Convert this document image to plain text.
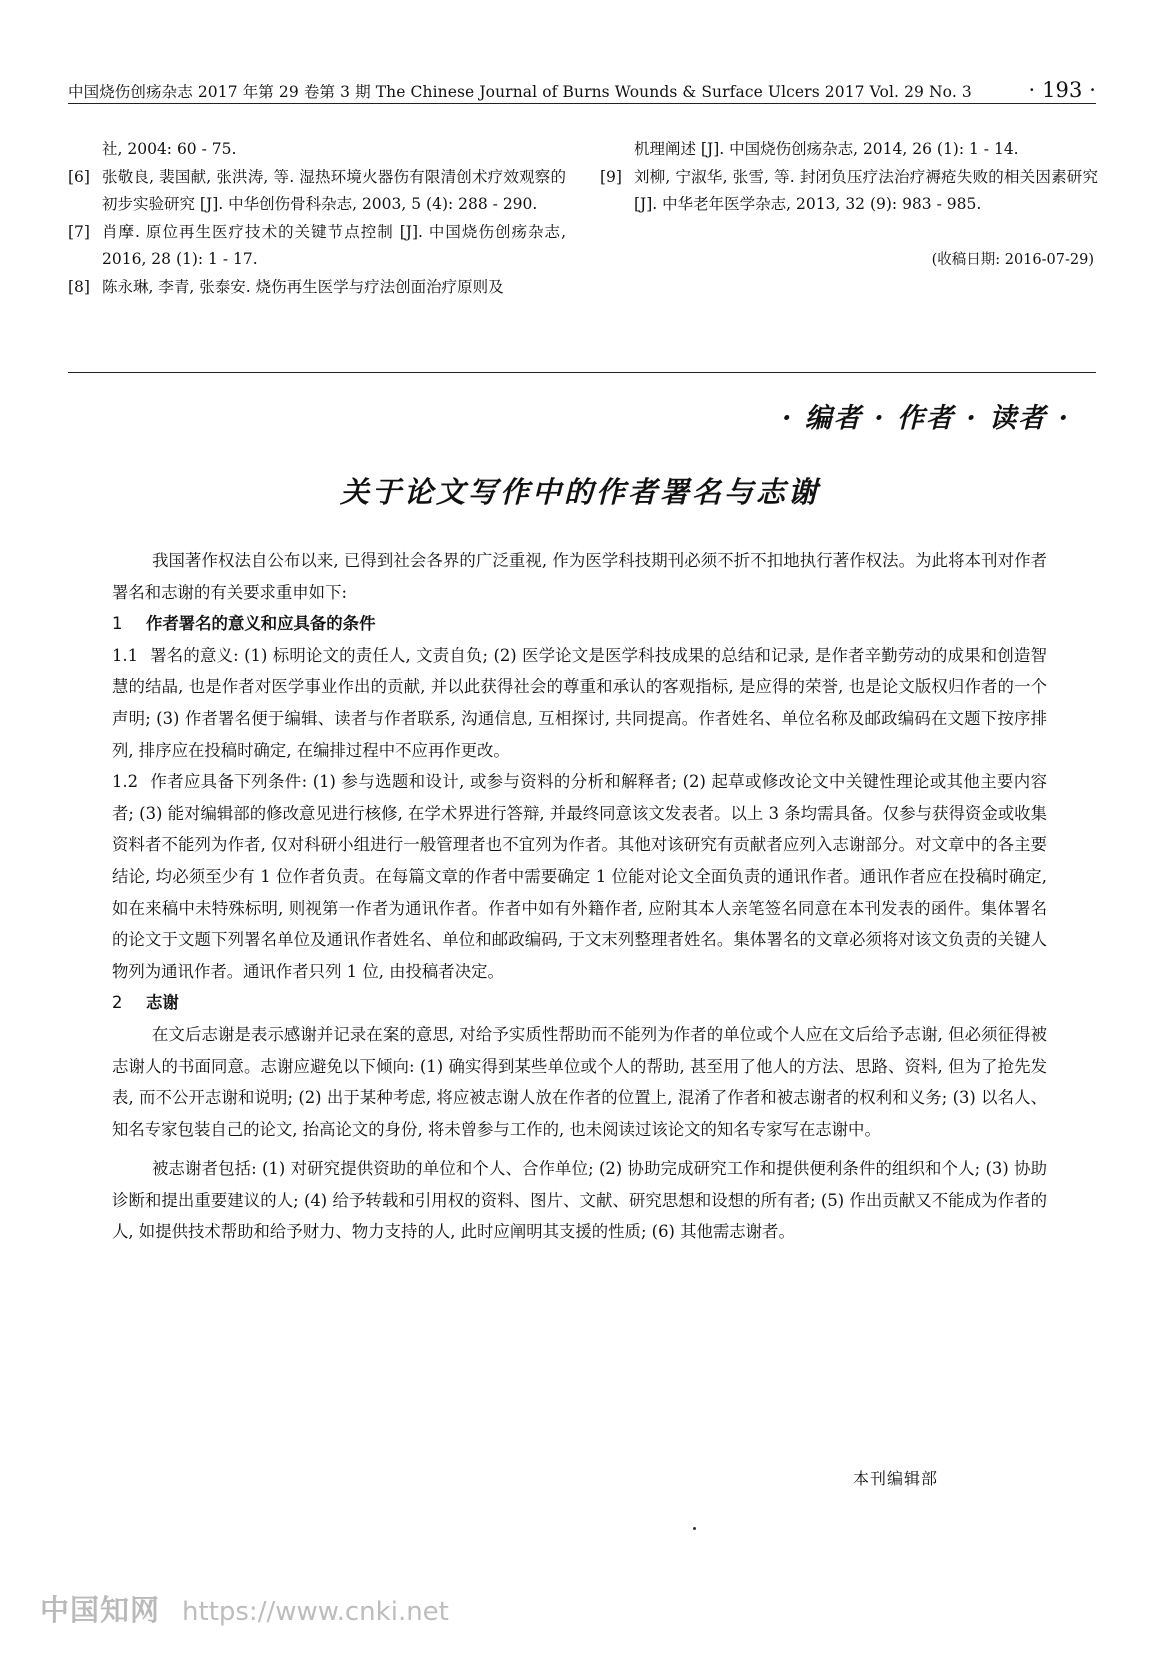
中国烧伤创疡杂志 2017 年第 29 卷第 3 期 The Chinese Journal of Burns Wounds & Surface Ulcers 2017 Vol. 29 No. 3	· 193 ·
社, 2004: 60 - 75.
[6] 张敬良, 裴国献, 张洪涛, 等. 湿热环境火器伤有限清创术疗效观察的初步实验研究 [J]. 中华创伤骨科杂志, 2003, 5 (4): 288 - 290.
[7] 肖摩. 原位再生医疗技术的关键节点控制 [J]. 中国烧伤创疡杂志, 2016, 28 (1): 1 - 17.
[8] 陈永琳, 李青, 张泰安. 烧伤再生医学与疗法创面治疗原则及
机理阐述 [J]. 中国烧伤创疡杂志, 2014, 26 (1): 1 - 14.
[9] 刘柳, 宁淑华, 张雪, 等. 封闭负压疗法治疗褥疮失败的相关因素研究 [J]. 中华老年医学杂志, 2013, 32 (9): 983 - 985.
(收稿日期: 2016-07-29)
· 编者 · 作者 · 读者 ·
关于论文写作中的作者署名与志谢

我国著作权法自公布以来, 已得到社会各界的广泛重视, 作为医学科技期刊必须不折不扣地执行著作权法。为此将本刊对作者署名和志谢的有关要求重申如下:

1 作者署名的意义和应具备的条件

1.1 署名的意义: (1) 标明论文的责任人, 文责自负; (2) 医学论文是医学科技成果的总结和记录, 是作者辛勤劳动的成果和创造智慧的结晶, 也是作者对医学事业作出的贡献, 并以此获得社会的尊重和承认的客观指标, 是应得的荣誉, 也是论文版权归作者的一个声明; (3) 作者署名便于编辑、读者与作者联系, 沟通信息, 互相探讨, 共同提高。作者姓名、单位名称及邮政编码在文题下按序排列, 排序应在投稿时确定, 在编排过程中不应再作更改。

1.2 作者应具备下列条件: (1) 参与选题和设计, 或参与资料的分析和解释者; (2) 起草或修改论文中关键性理论或其他主要内容者; (3) 能对编辑部的修改意见进行核修, 在学术界进行答辩, 并最终同意该文发表者。以上 3 条均需具备。仅参与获得资金或收集资料者不能列为作者, 仅对科研小组进行一般管理者也不宜列为作者。其他对该研究有贡献者应列入志谢部分。对文章中的各主要结论, 均必须至少有 1 位作者负责。在每篇文章的作者中需要确定 1 位能对论文全面负责的通讯作者。通讯作者应在投稿时确定, 如在来稿中未特殊标明, 则视第一作者为通讯作者。作者中如有外籍作者, 应附其本人亲笔签名同意在本刊发表的函件。集体署名的论文于文题下列署名单位及通讯作者姓名、单位和邮政编码, 于文末列整理者姓名。集体署名的文章必须将对该文负责的关键人物列为通讯作者。通讯作者只列 1 位, 由投稿者决定。

2 志谢

在文后志谢是表示感谢并记录在案的意思, 对给予实质性帮助而不能列为作者的单位或个人应在文后给予志谢, 但必须征得被志谢人的书面同意。志谢应避免以下倾向: (1) 确实得到某些单位或个人的帮助, 甚至用了他人的方法、思路、资料, 但为了抢先发表, 而不公开志谢和说明; (2) 出于某种考虑, 将应被志谢人放在作者的位置上, 混淆了作者和被志谢者的权利和义务; (3) 以名人、知名专家包装自己的论文, 抬高论文的身份, 将未曾参与工作的, 也未阅读过该论文的知名专家写在志谢中。

被志谢者包括: (1) 对研究提供资助的单位和个人、合作单位; (2) 协助完成研究工作和提供便利条件的组织和个人; (3) 协助诊断和提出重要建议的人; (4) 给予转载和引用权的资料、图片、文献、研究思想和设想的所有者; (5) 作出贡献又不能成为作者的人, 如提供技术帮助和给予财力、物力支持的人, 此时应阐明其支援的性质; (6) 其他需志谢者。

本刊编辑部
中国知网 https://www.cnki.net
